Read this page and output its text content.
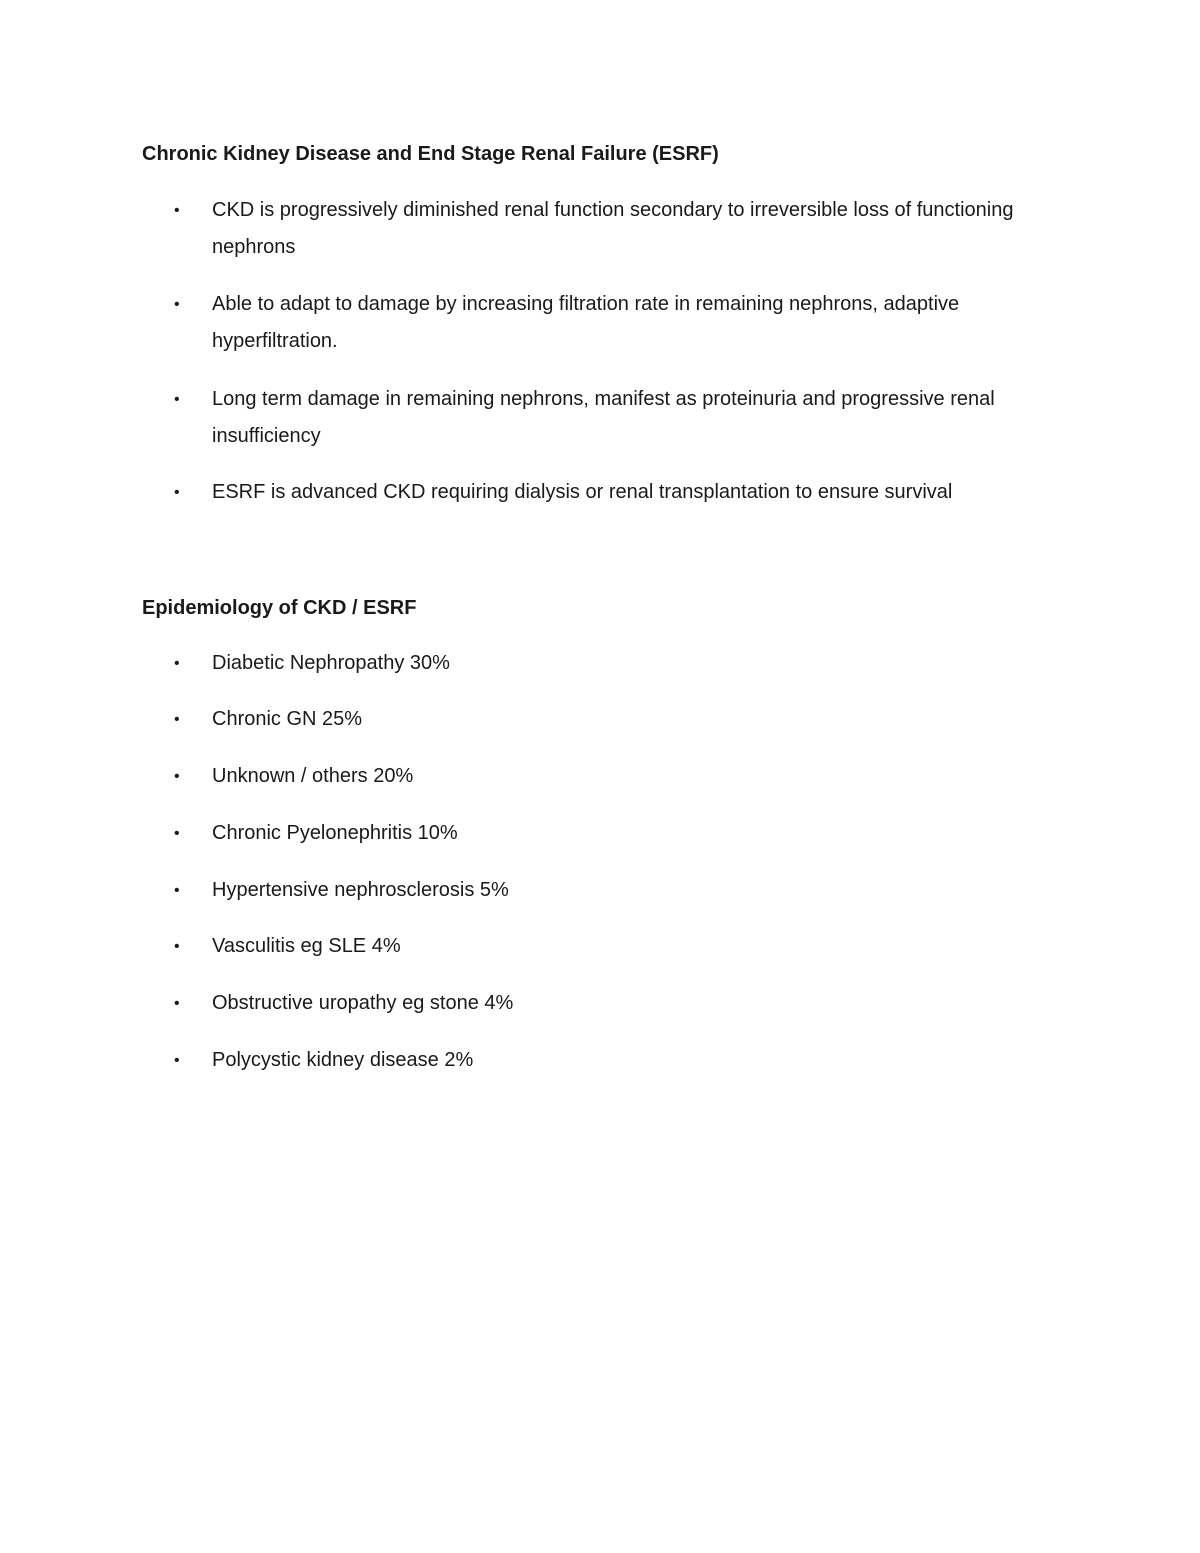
Chronic Kidney Disease and End Stage Renal Failure (ESRF)
• CKD is progressively diminished renal function secondary to irreversible loss of functioning nephrons
• Able to adapt to damage by increasing filtration rate in remaining nephrons, adaptive hyperfiltration.
• Long term damage in remaining nephrons, manifest as proteinuria and progressive renal insufficiency
• ESRF is advanced CKD requiring dialysis or renal transplantation to ensure survival
Epidemiology of CKD / ESRF
• Diabetic Nephropathy 30%
• Chronic GN 25%
• Unknown / others 20%
• Chronic Pyelonephritis 10%
• Hypertensive nephrosclerosis 5%
• Vasculitis eg SLE 4%
• Obstructive uropathy eg stone 4%
• Polycystic kidney disease 2%
